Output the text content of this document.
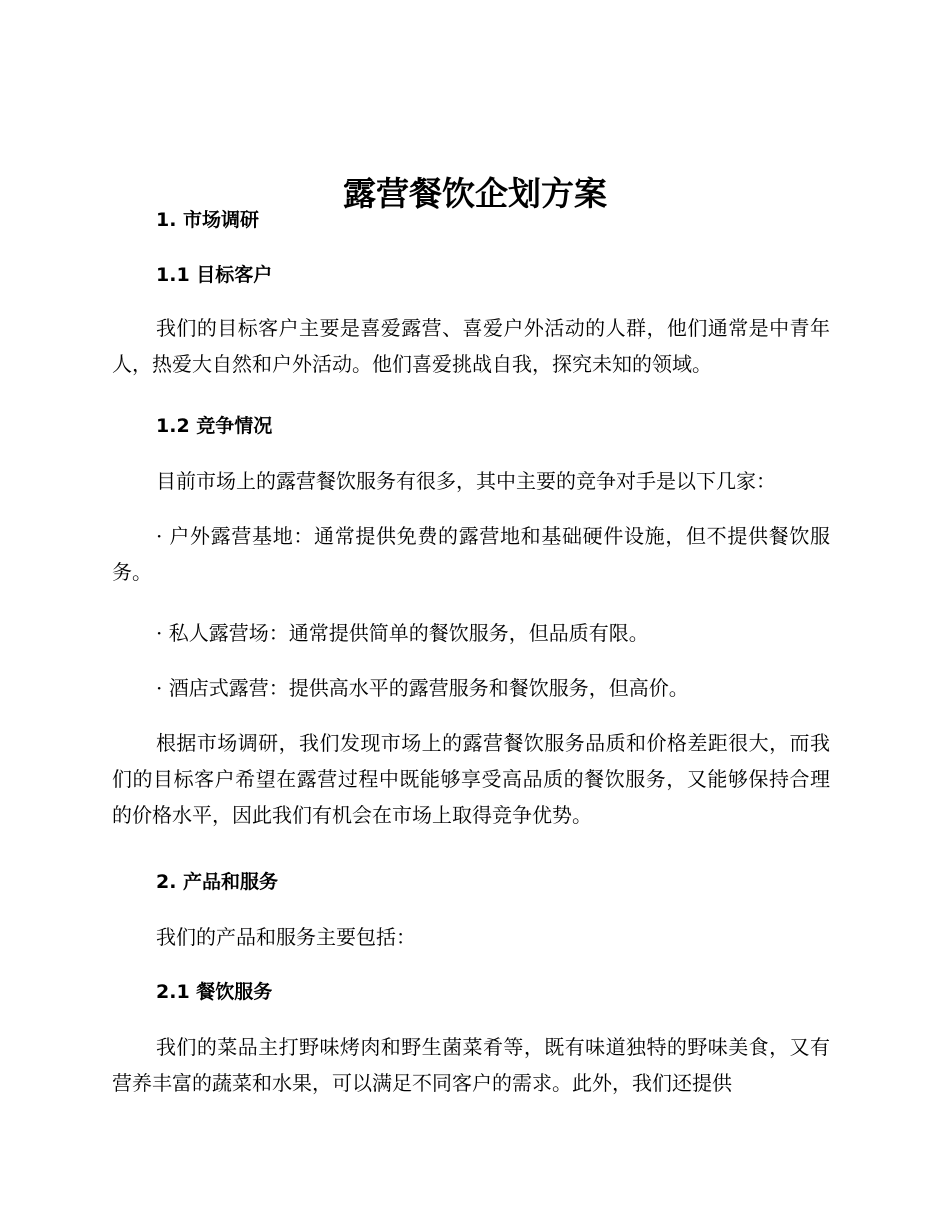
露营餐饮企划方案
1. 市场调研
1.1 目标客户

我们的目标客户主要是喜爱露营、喜爱户外活动的人群，他们通常是中青年人，热爱大自然和户外活动。他们喜爱挑战自我，探究未知的领域。

1.2 竞争情况

目前市场上的露营餐饮服务有很多，其中主要的竞争对手是以下几家：

· 户外露营基地：通常提供免费的露营地和基础硬件设施，但不提供餐饮服务。

· 私人露营场：通常提供简单的餐饮服务，但品质有限。

· 酒店式露营：提供高水平的露营服务和餐饮服务，但高价。

根据市场调研，我们发现市场上的露营餐饮服务品质和价格差距很大，而我们的目标客户希望在露营过程中既能够享受高品质的餐饮服务，又能够保持合理的价格水平，因此我们有机会在市场上取得竞争优势。

2. 产品和服务

我们的产品和服务主要包括：

2.1 餐饮服务

我们的菜品主打野味烤肉和野生菌菜肴等，既有味道独特的野味美食，又有营养丰富的蔬菜和水果，可以满足不同客户的需求。此外，我们还提供
